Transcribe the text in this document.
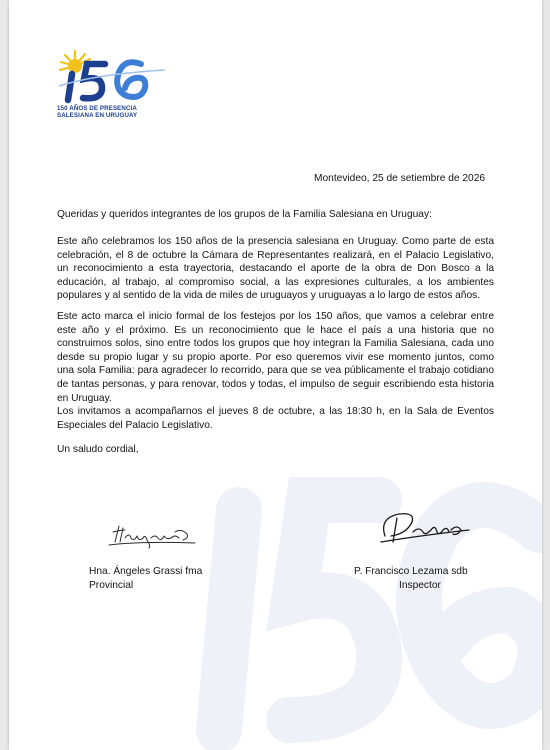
150 AÑOS DE PRESENCIA
SALESIANA EN URUGUAY
Montevideo, 25 de setiembre de 2026
Queridas y queridos integrantes de los grupos de la Familia Salesiana en Uruguay:
Este año celebramos los 150 años de la presencia salesiana en Uruguay. Como parte de esta celebración, el 8 de octubre la Cámara de Representantes realizará, en el Palacio Legislativo, un reconocimiento a esta trayectoria, destacando el aporte de la obra de Don Bosco a la educación, al trabajo, al compromiso social, a las expresiones culturales, a los ambientes populares y al sentido de la vida de miles de uruguayos y uruguayas a lo largo de estos años.
Este acto marca el inicio formal de los festejos por los 150 años, que vamos a celebrar entre este año y el próximo. Es un reconocimiento que le hace el país a una historia que no construimos solos, sino entre todos los grupos que hoy integran la Familia Salesiana, cada uno desde su propio lugar y su propio aporte. Por eso queremos vivir ese momento juntos, como una sola Familia: para agradecer lo recorrido, para que se vea públicamente el trabajo cotidiano de tantas personas, y para renovar, todos y todas, el impulso de seguir escribiendo esta historia en Uruguay.
Los invitamos a acompañarnos el jueves 8 de octubre, a las 18:30 h, en la Sala de Eventos Especiales del Palacio Legislativo.
Un saludo cordial,
Hna. Ángeles Grassi fma
Provincial
P. Francisco Lezama sdb
Inspector
